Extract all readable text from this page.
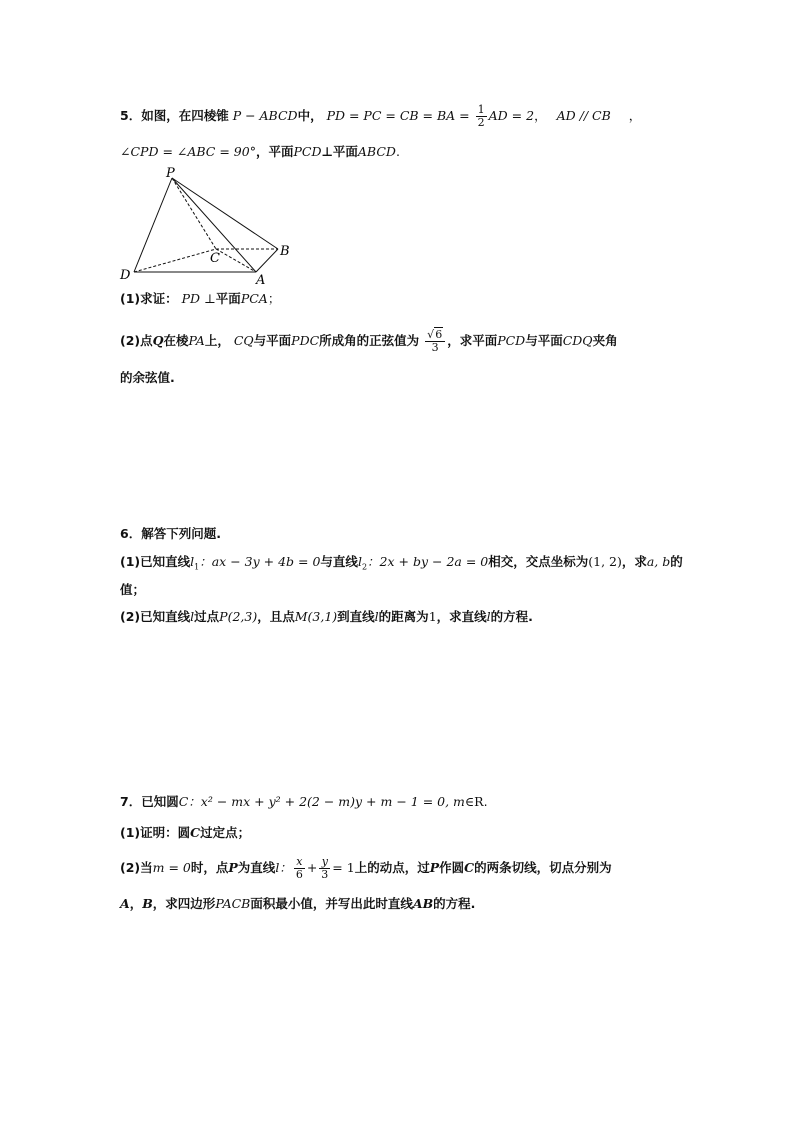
5．如图，在四棱锥 P − ABCD中， PD = PC = CB = BA = $\frac{1}{2}$ AD = 2， AD // CB ，
∠CPD = ∠ABC = 90°，平面PCD⊥平面ABCD.
P
B
C
D	A
(1)求证： PD ⊥平面PCA；
(2)点Q在棱PA上， CQ与平面PDC所成角的正弦值为 $\frac{√6}{3}$ ，求平面PCD与平面CDQ夹角
的余弦值.
6．解答下列问题.
(1)已知直线$l_1$：ax − 3y + 4b = 0与直线$l_2$：2x + by − 2a = 0相交，交点坐标为(1, 2)，求a, b的
值；
(2)已知直线l过点P(2,3)，且点M(3,1)到直线l的距离为1，求直线l的方程.
7．已知圆C：x² − mx + y² + 2(2 − m)y + m − 1 = 0, m∈R.
(1)证明：圆C过定点；
(2)当m = 0时，点P为直线l： $\frac{x}{6} + \frac{y}{3} = 1$上的动点，过P作圆C的两条切线，切点分别为
A，B，求四边形PACB面积最小值，并写出此时直线AB的方程.
